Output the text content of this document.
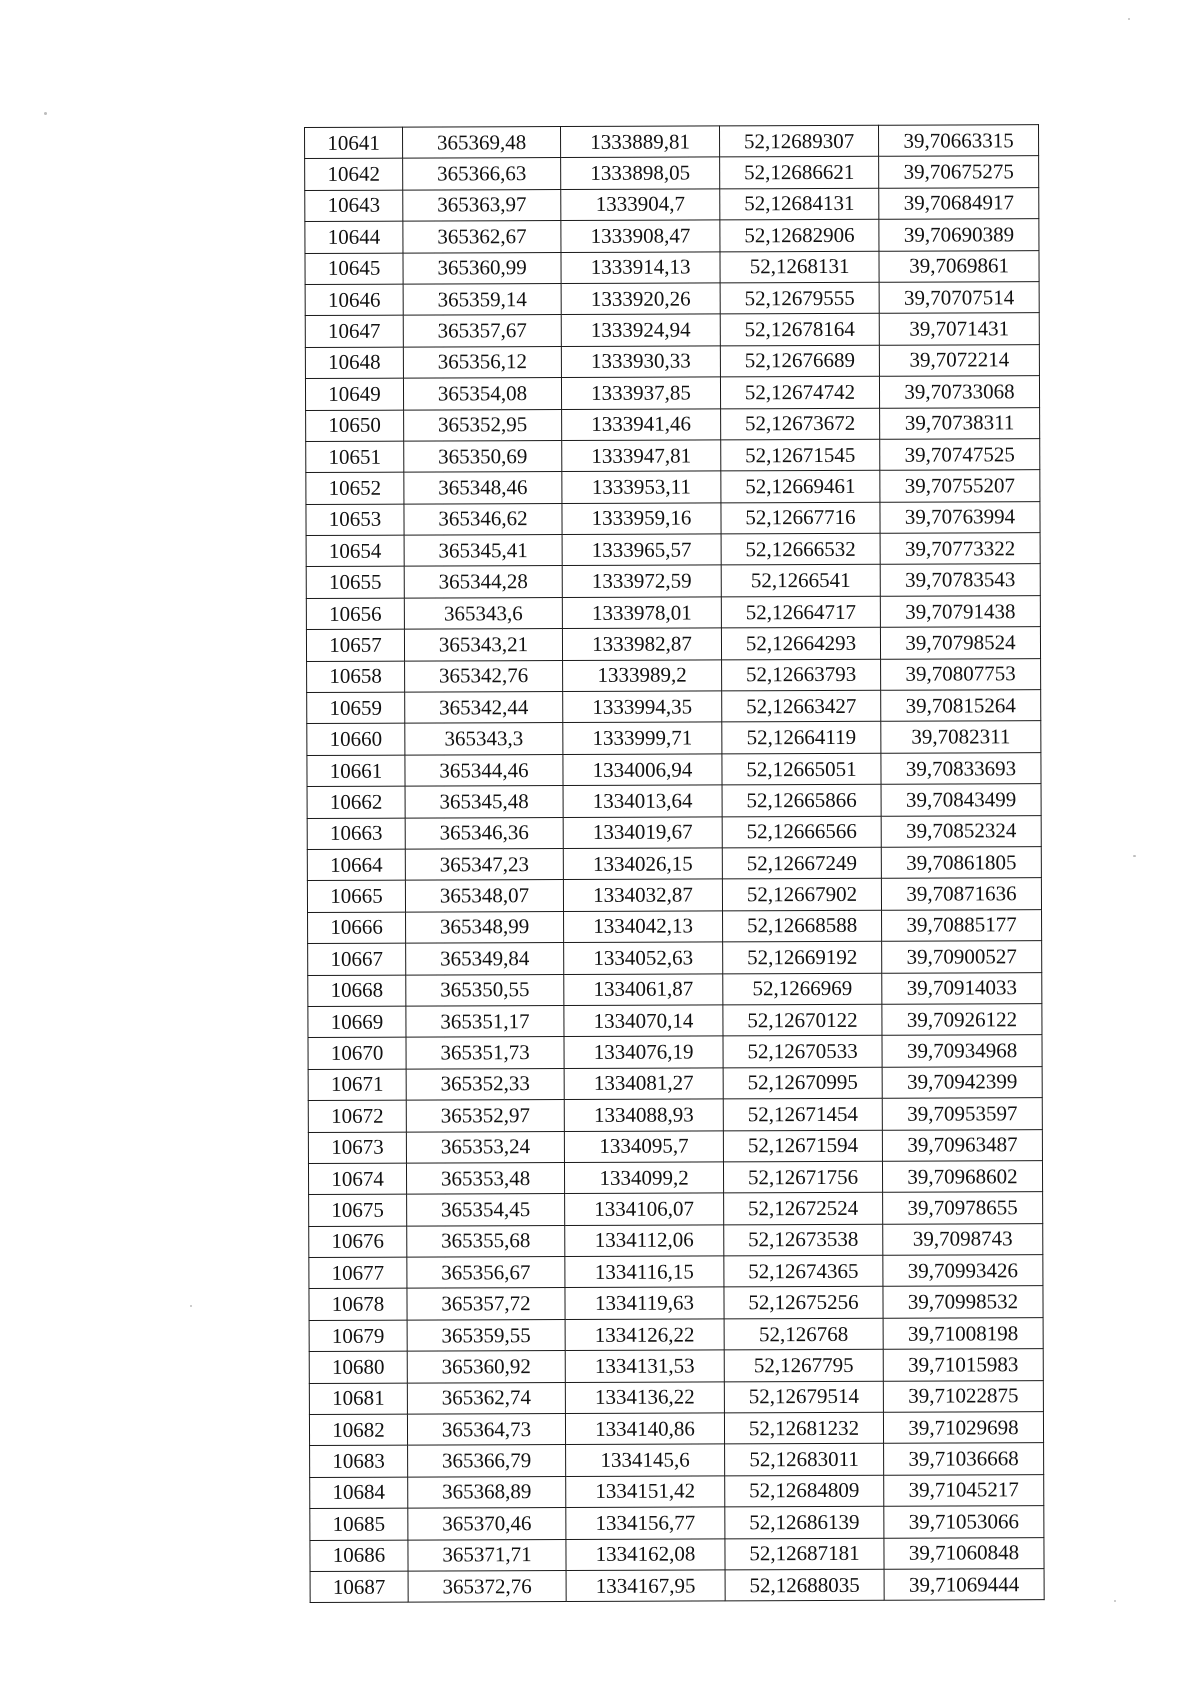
10641	365369,48	1333889,81	52,12689307	39,70663315
10642	365366,63	1333898,05	52,12686621	39,70675275
10643	365363,97	1333904,7	52,12684131	39,70684917
10644	365362,67	1333908,47	52,12682906	39,70690389
10645	365360,99	1333914,13	52,1268131	39,7069861
10646	365359,14	1333920,26	52,12679555	39,70707514
10647	365357,67	1333924,94	52,12678164	39,7071431
10648	365356,12	1333930,33	52,12676689	39,7072214
10649	365354,08	1333937,85	52,12674742	39,70733068
10650	365352,95	1333941,46	52,12673672	39,70738311
10651	365350,69	1333947,81	52,12671545	39,70747525
10652	365348,46	1333953,11	52,12669461	39,70755207
10653	365346,62	1333959,16	52,12667716	39,70763994
10654	365345,41	1333965,57	52,12666532	39,70773322
10655	365344,28	1333972,59	52,1266541	39,70783543
10656	365343,6	1333978,01	52,12664717	39,70791438
10657	365343,21	1333982,87	52,12664293	39,70798524
10658	365342,76	1333989,2	52,12663793	39,70807753
10659	365342,44	1333994,35	52,12663427	39,70815264
10660	365343,3	1333999,71	52,12664119	39,7082311
10661	365344,46	1334006,94	52,12665051	39,70833693
10662	365345,48	1334013,64	52,12665866	39,70843499
10663	365346,36	1334019,67	52,12666566	39,70852324
10664	365347,23	1334026,15	52,12667249	39,70861805
10665	365348,07	1334032,87	52,12667902	39,70871636
10666	365348,99	1334042,13	52,12668588	39,70885177
10667	365349,84	1334052,63	52,12669192	39,70900527
10668	365350,55	1334061,87	52,1266969	39,70914033
10669	365351,17	1334070,14	52,12670122	39,70926122
10670	365351,73	1334076,19	52,12670533	39,70934968
10671	365352,33	1334081,27	52,12670995	39,70942399
10672	365352,97	1334088,93	52,12671454	39,70953597
10673	365353,24	1334095,7	52,12671594	39,70963487
10674	365353,48	1334099,2	52,12671756	39,70968602
10675	365354,45	1334106,07	52,12672524	39,70978655
10676	365355,68	1334112,06	52,12673538	39,7098743
10677	365356,67	1334116,15	52,12674365	39,70993426
10678	365357,72	1334119,63	52,12675256	39,70998532
10679	365359,55	1334126,22	52,126768	39,71008198
10680	365360,92	1334131,53	52,1267795	39,71015983
10681	365362,74	1334136,22	52,12679514	39,71022875
10682	365364,73	1334140,86	52,12681232	39,71029698
10683	365366,79	1334145,6	52,12683011	39,71036668
10684	365368,89	1334151,42	52,12684809	39,71045217
10685	365370,46	1334156,77	52,12686139	39,71053066
10686	365371,71	1334162,08	52,12687181	39,71060848
10687	365372,76	1334167,95	52,12688035	39,71069444
